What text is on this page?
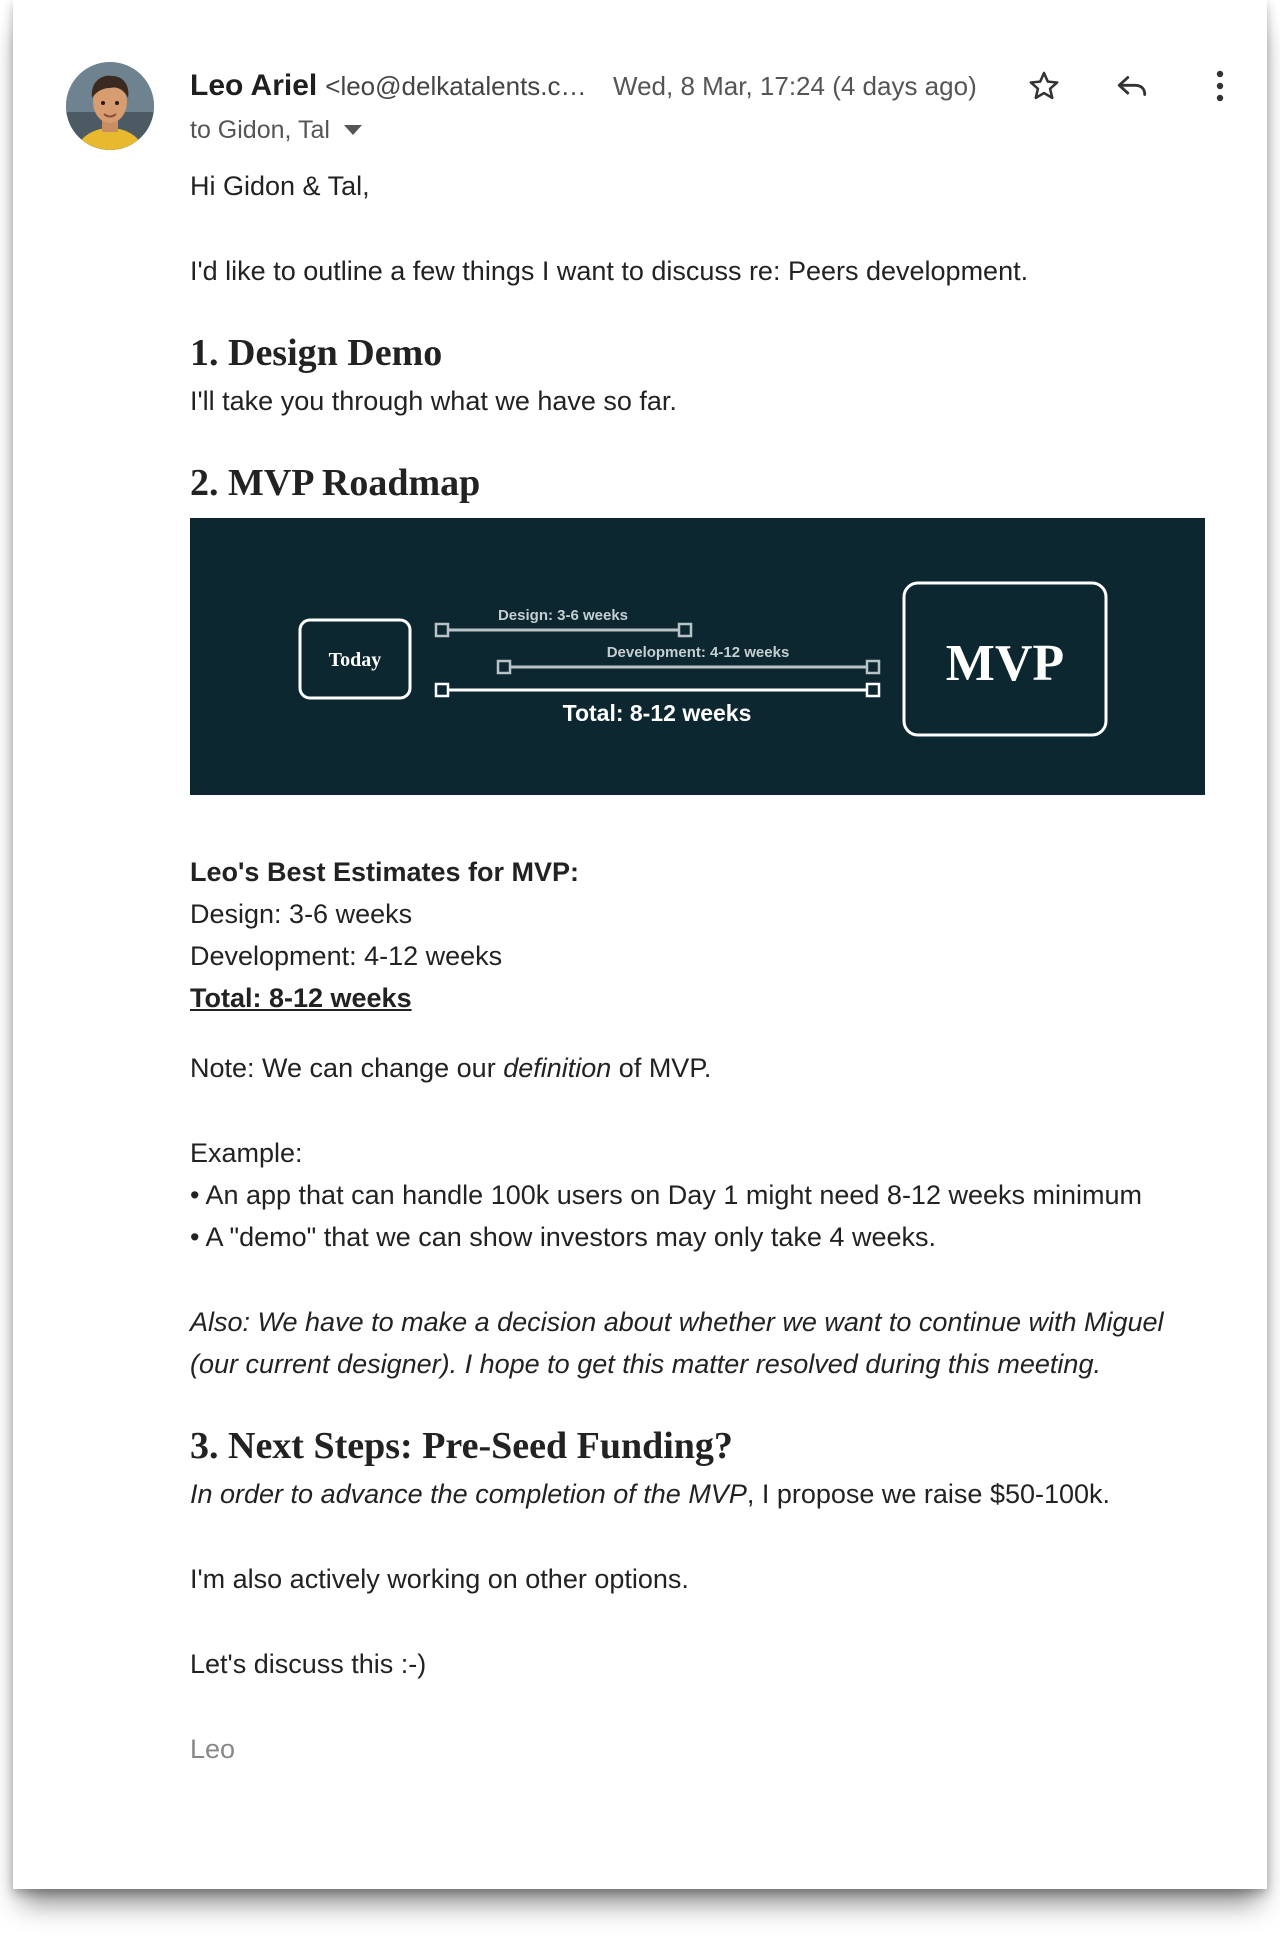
Leo Ariel <leo@delkatalents.c… Wed, 8 Mar, 17:24 (4 days ago)
to Gidon, Tal

Hi Gidon & Tal,

I'd like to outline a few things I want to discuss re: Peers development.

1. Design Demo

I'll take you through what we have so far.

2. MVP Roadmap
Today
Design: 3-6 weeks
Development: 4-12 weeks
Total: 8-12 weeks
MVP

Leo's Best Estimates for MVP:

Design: 3-6 weeks

Development: 4-12 weeks

Total: 8-12 weeks

Note: We can change our definition of MVP.

Example:

• An app that can handle 100k users on Day 1 might need 8-12 weeks minimum

• A "demo" that we can show investors may only take 4 weeks.

Also: We have to make a decision about whether we want to continue with Miguel

(our current designer). I hope to get this matter resolved during this meeting.

3. Next Steps: Pre-Seed Funding?

In order to advance the completion of the MVP, I propose we raise $50-100k.

I'm also actively working on other options.

Let's discuss this :-)

Leo
